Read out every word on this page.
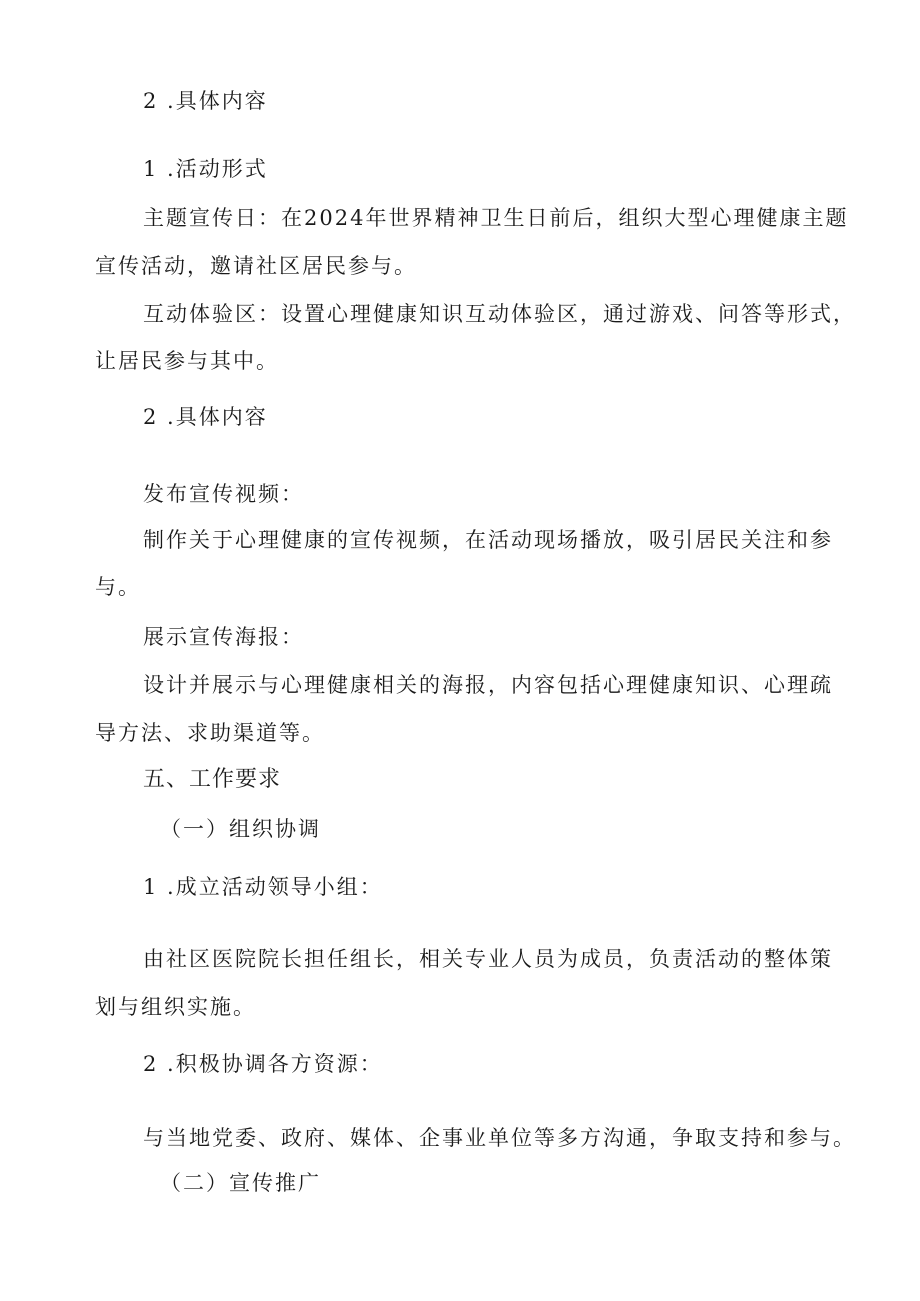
2 .具体内容

1 .活动形式

主题宣传日：在2024年世界精神卫生日前后，组织大型心理健康主题

宣传活动，邀请社区居民参与。

互动体验区：设置心理健康知识互动体验区，通过游戏、问答等形式，

让居民参与其中。

2 .具体内容

发布宣传视频：

制作关于心理健康的宣传视频，在活动现场播放，吸引居民关注和参

与。

展示宣传海报：

设计并展示与心理健康相关的海报，内容包括心理健康知识、心理疏

导方法、求助渠道等。

五、工作要求

（一）组织协调

1 .成立活动领导小组：

由社区医院院长担任组长，相关专业人员为成员，负责活动的整体策

划与组织实施。

2 .积极协调各方资源：

与当地党委、政府、媒体、企事业单位等多方沟通，争取支持和参与。

（二）宣传推广
